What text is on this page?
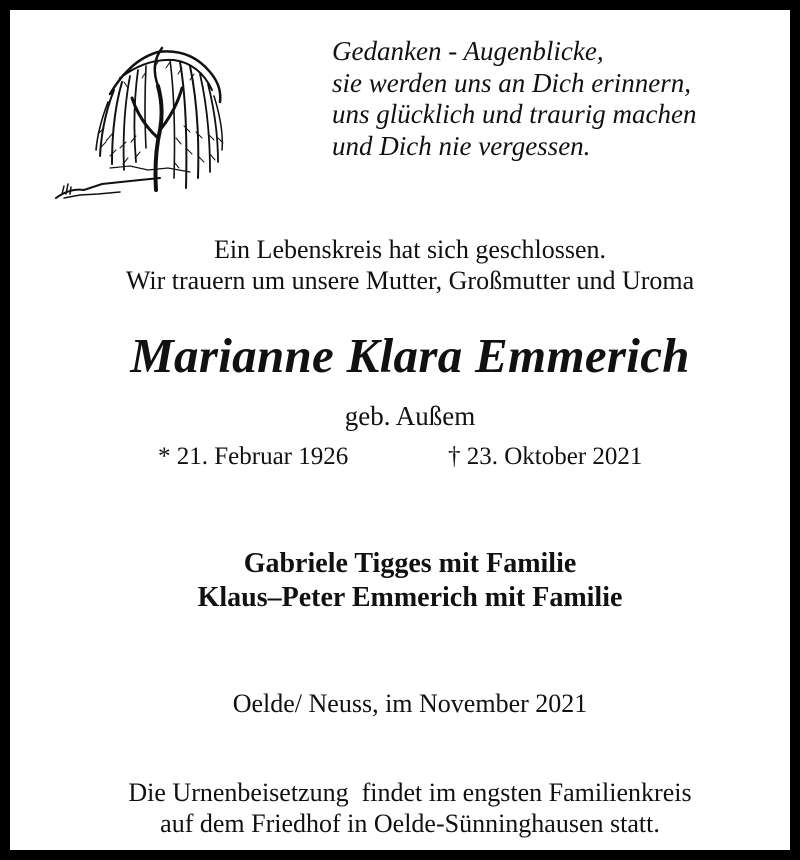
Gedanken - Augenblicke,
sie werden uns an Dich erinnern,
uns glücklich und traurig machen
und Dich nie vergessen.
Ein Lebenskreis hat sich geschlossen.
Wir trauern um unsere Mutter, Großmutter und Uroma
Marianne Klara Emmerich
geb. Außem
* 21. Februar 1926	† 23. Oktober 2021
Gabriele Tigges mit Familie
Klaus–Peter Emmerich mit Familie
Oelde/ Neuss, im November 2021
Die Urnenbeisetzung  findet im engsten Familienkreis
auf dem Friedhof in Oelde-Sünninghausen statt.
